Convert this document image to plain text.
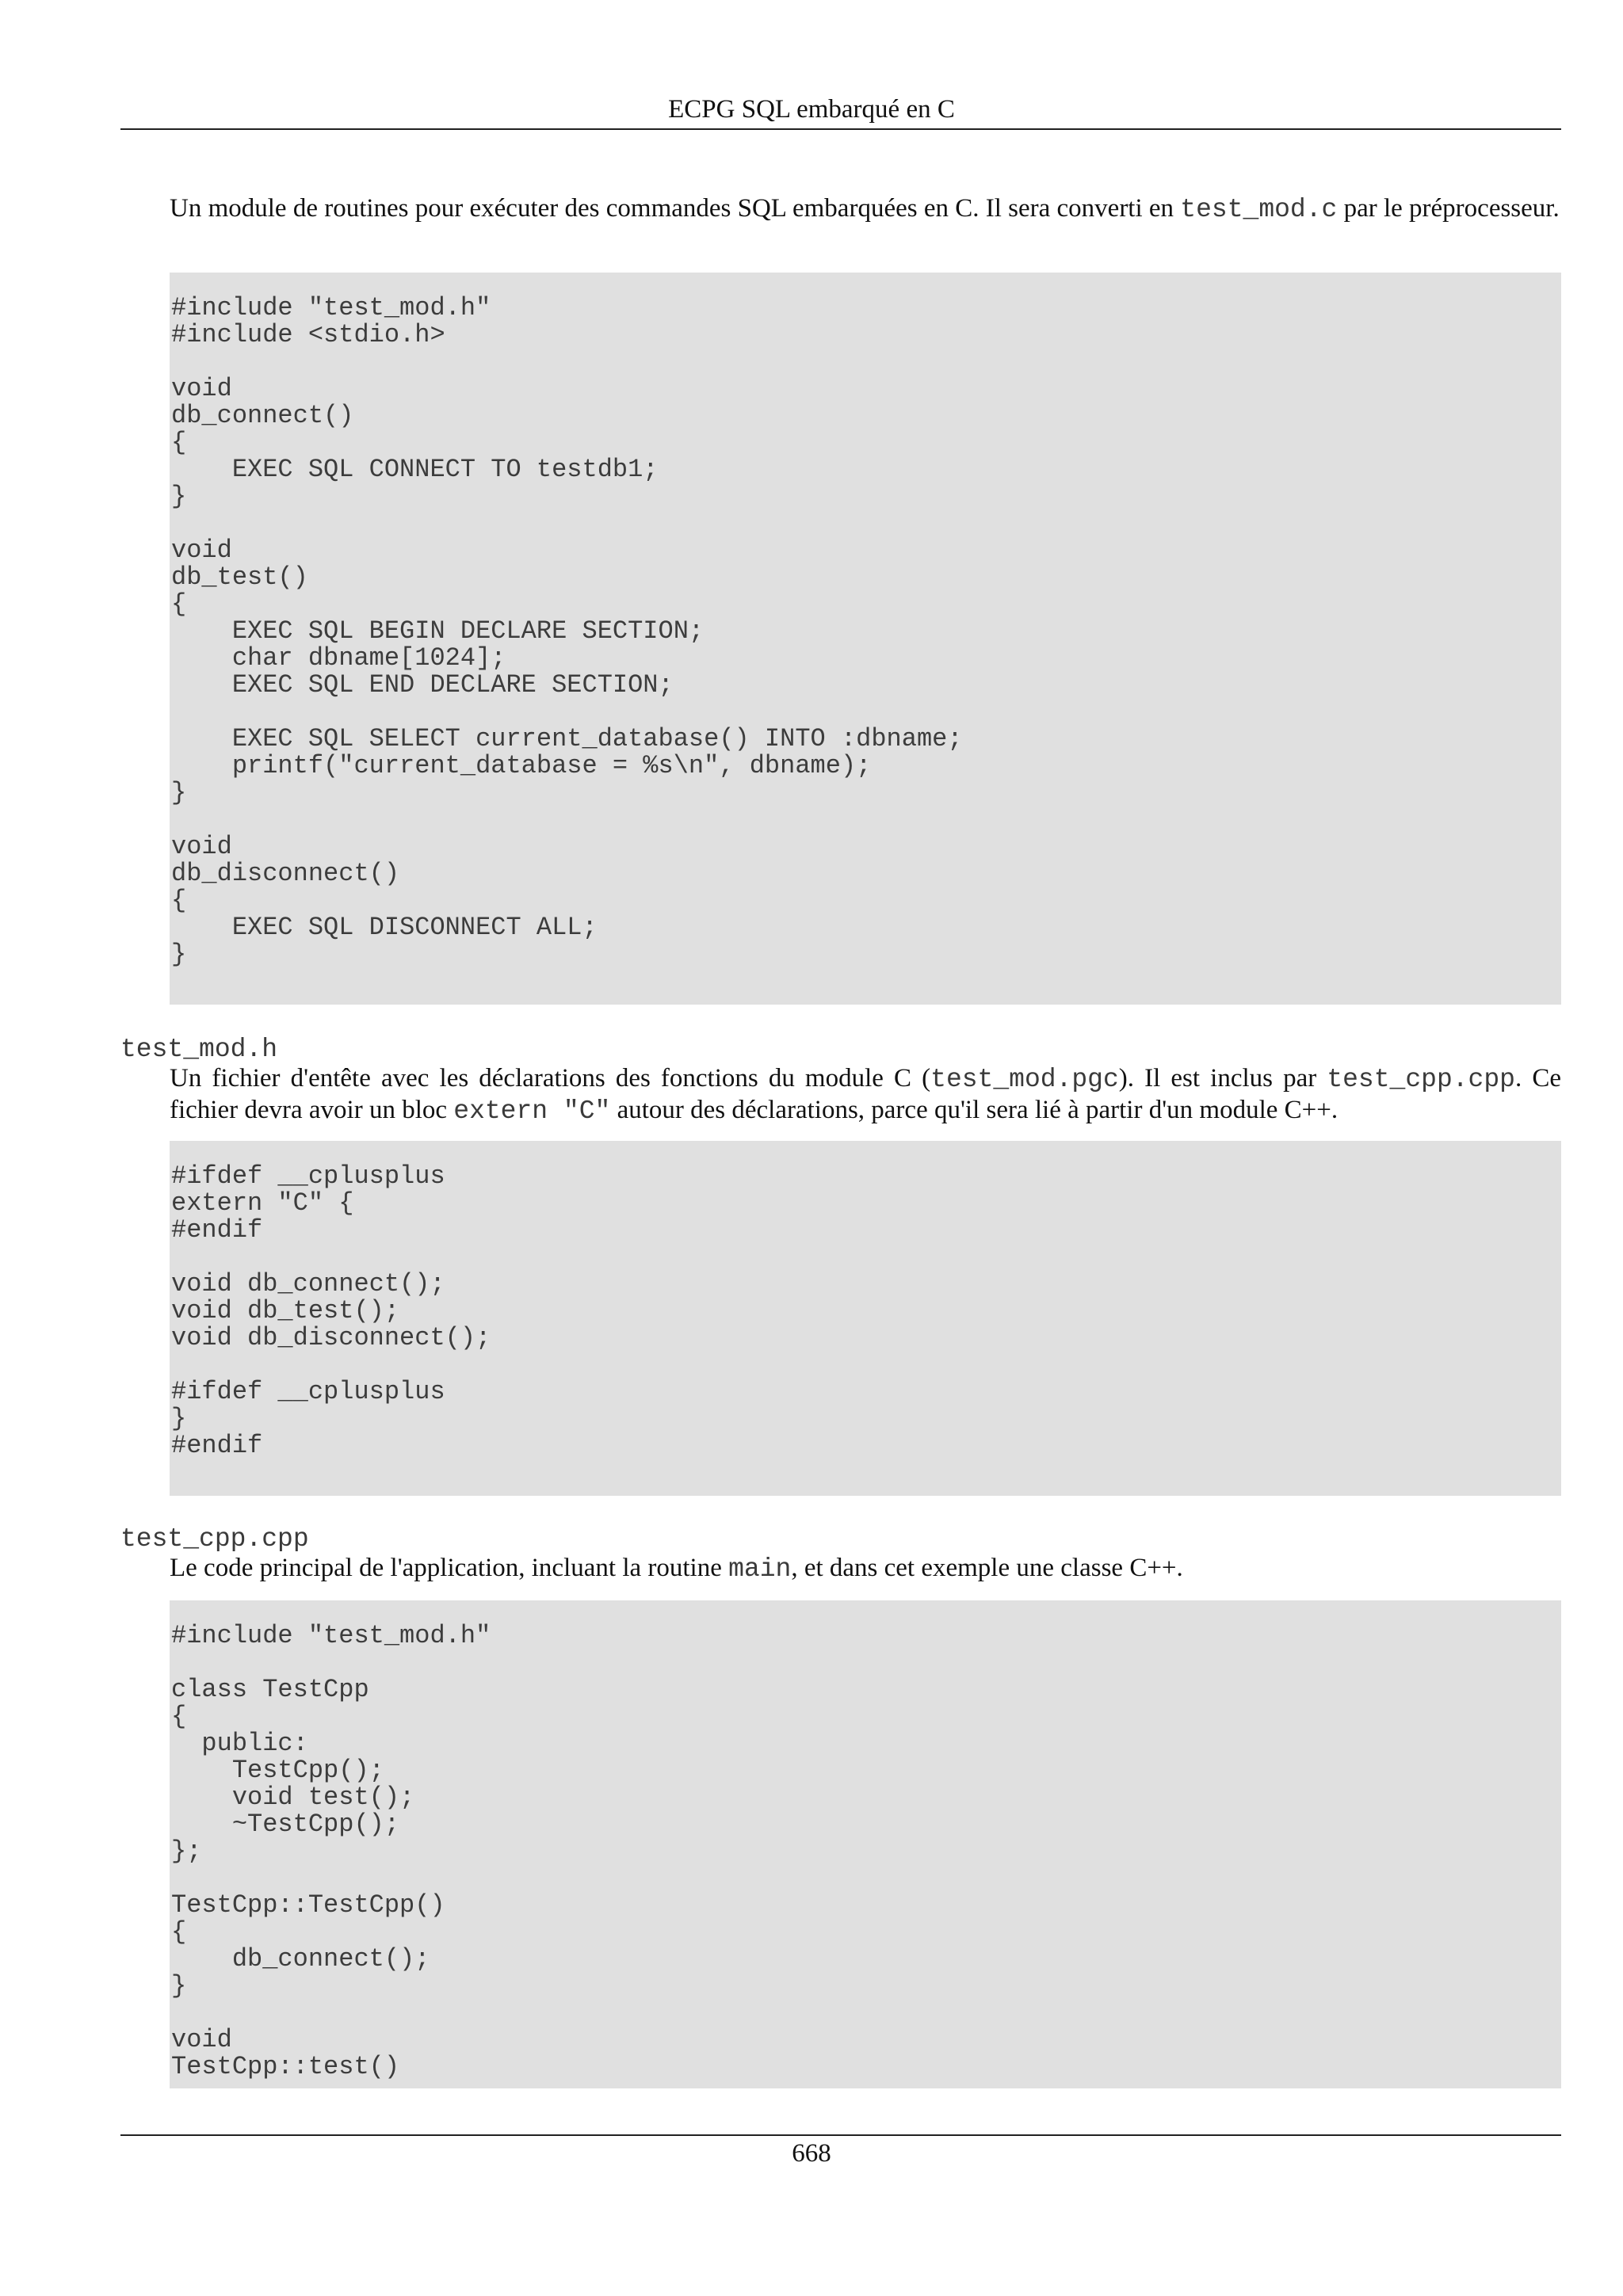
ECPG SQL embarqué en C

Un module de routines pour exécuter des commandes SQL embarquées en C. Il sera converti en test_mod.c par le préprocesseur.

#include "test_mod.h"
#include <stdio.h>

void
db_connect()
{
EXEC SQL CONNECT TO testdb1;
}

void
db_test()
{
EXEC SQL BEGIN DECLARE SECTION;
char dbname[1024];
EXEC SQL END DECLARE SECTION;

EXEC SQL SELECT current_database() INTO :dbname;
printf("current_database = %s\n", dbname);
}

void
db_disconnect()
{
EXEC SQL DISCONNECT ALL;
}
test_mod.h

Un fichier d'entête avec les déclarations des fonctions du module C (test_mod.pgc). Il est inclus par test_cpp.cpp. Ce fichier devra avoir un bloc extern "C" autour des déclarations, parce qu'il sera lié à partir d'un module C++.

#ifdef __cplusplus
extern "C" {
#endif

void db_connect();
void db_test();
void db_disconnect();

#ifdef __cplusplus
}
#endif
test_cpp.cpp

Le code principal de l'application, incluant la routine main, et dans cet exemple une classe C++.

#include "test_mod.h"

class TestCpp
{
public:
TestCpp();
void test();
~TestCpp();
};

TestCpp::TestCpp()
{
db_connect();
}

void
TestCpp::test()
668
